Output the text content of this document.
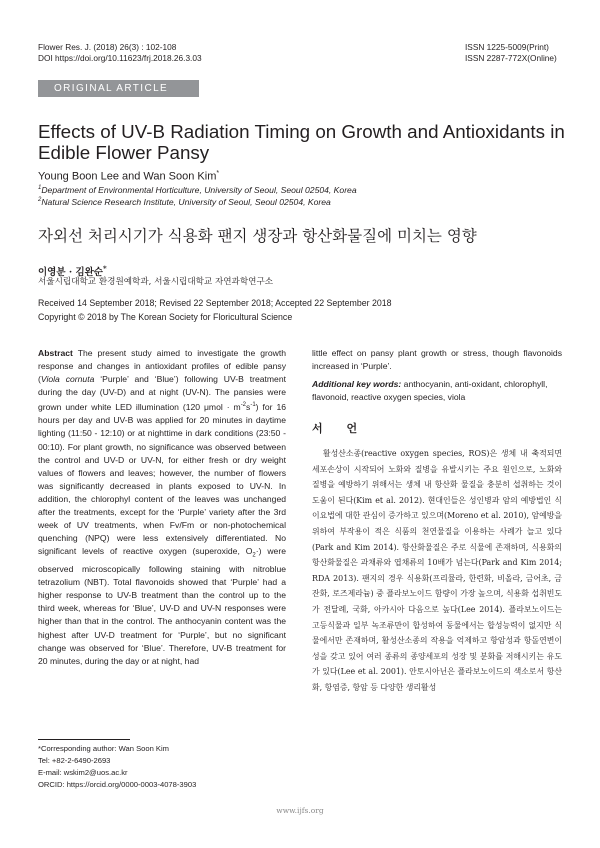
Flower Res. J. (2018) 26(3) : 102-108
DOI https://doi.org/10.11623/frj.2018.26.3.03
ISSN 1225-5009(Print)
ISSN 2287-772X(Online)
ORIGINAL ARTICLE
Effects of UV-B Radiation Timing on Growth and Antioxidants in Edible Flower Pansy
Young Boon Lee and Wan Soon Kim*
$^1$Department of Environmental Horticulture, University of Seoul, Seoul 02504, Korea
$^2$Natural Science Research Institute, University of Seoul, Seoul 02504, Korea
자외선 처리시기가 식용화 팬지 생장과 항산화물질에 미치는 영향
이영분 · 김완순*
서울시립대학교 환경원예학과, 서울시립대학교 자연과학연구소
Received 14 September 2018; Revised 22 September 2018; Accepted 22 September 2018
Copyright © 2018 by The Korean Society for Floricultural Science
Abstract The present study aimed to investigate the growth response and changes in antioxidant profiles of edible pansy (Viola cornuta ‘Purple’ and ‘Blue’) following UV-B treatment during the day (UV-D) and at night (UV-N). The pansies were grown under white LED illumination (120 $\mu mol \cdot m^{-2}s^{-1}$) for 16 hours per day and UV-B was applied for 20 minutes in daytime lighting (11:50 - 12:10) or at nighttime in dark conditions (23:50 - 00:10). For plant growth, no significance was observed between the control and UV-D or UV-N, for either fresh or dry weight values of flowers and leaves; however, the number of flowers was significantly decreased in plants exposed to UV-N. In addition, the chlorophyl content of the leaves was unchanged after the treatments, except for the ‘Purple’ variety after the 3rd week of UV treatments, when Fv/Fm or non-photochemical quenching (NPQ) were less extensively differentiated. No significant levels of reactive oxygen (superoxide, $O_2\cdot$) were observed microscopically following staining with nitroblue tetrazolium (NBT). Total flavonoids showed that ‘Purple’ had a higher response to UV-B treatment than the control up to the third week, whereas for ‘Blue’, UV-D and UV-N responses were higher than that in the control. The anthocyanin content was the highest after UV-D treatment for ‘Purple’, but no significant change was observed for ‘Blue’. Therefore, UV-B treatment for 20 minutes, during the day or at night, had
little effect on pansy plant growth or stress, though flavonoids increased in ‘Purple’.
Additional key words: anthocyanin, anti-oxidant, chlorophyll, flavonoid, reactive oxygen species, viola
서 언
활성산소종(reactive oxygen species, ROS)은 생체 내 축적되면 세포손상이 시작되어 노화와 질병을 유발시키는 주요 원인으로, 노화와 질병을 예방하기 위해서는 생체 내 항산화 물질을 충분히 섭취하는 것이 도움이 된다(Kim et al. 2012). 현대인들은 성인병과 암의 예방법인 식이요법에 대한 관심이 증가하고 있으며(Moreno et al. 2010), 암예방을 위하여 부작용이 적은 식품의 천연물질을 이용하는 사례가 늘고 있다(Park and Kim 2014). 항산화물질은 주로 식물에 존재하며, 식용화의 항산화물질은 과채류와 엽채류의 10배가 넘는다(Park and Kim 2014; RDA 2013). 팬지의 경우 식용화(프리뮬라, 한련화, 비올라, 금어초, 금잔화, 로즈제라늄) 중 플라보노이드 함량이 가장 높으며, 식용화 섭취빈도가 전달례, 국화, 아카시아 다음으로 높다(Lee 2014). 플라보노이드는 고등식물과 일부 녹조류만이 합성하여 동물에서는 합성능력이 없지만 식물에서만 존재하며, 활성산소종의 작용을 억제하고 항암성과 항돌연변이성을 갖고 있어 여러 종류의 종양세포의 성장 및 분화를 저해시키는 유도가 있다(Lee et al. 2001). 안토시아닌은 플라보노이드의 색소로서 항산화, 항염증, 항암 등 다양한 생리활성
*Corresponding author: Wan Soon Kim
Tel: +82-2-6490-2693
E-mail: wskim2@uos.ac.kr
ORCID: https://orcid.org/0000-0003-4078-3903
www.ijfs.org
